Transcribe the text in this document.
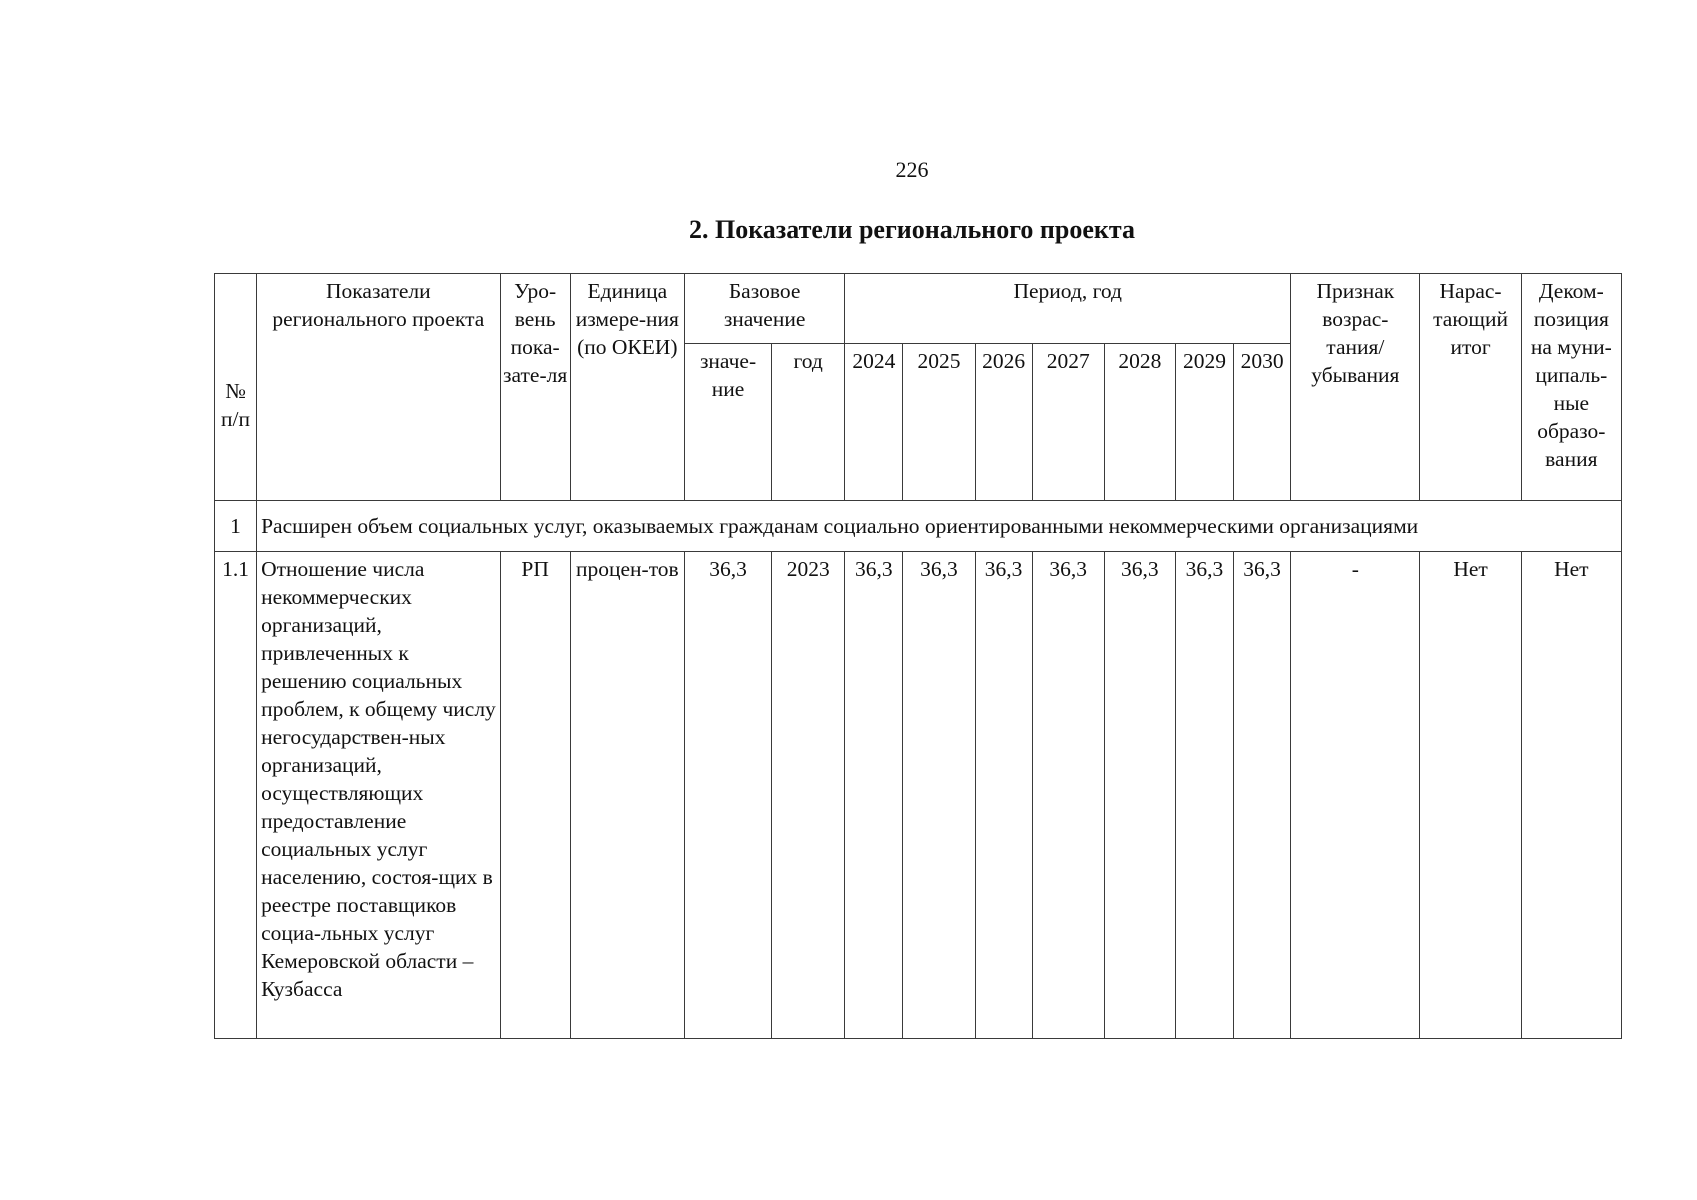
226
2. Показатели регионального проекта
№ п/п	Показатели регионального проекта	Уро-вень пока-зате-ля	Единица измере-ния (по ОКЕИ)	Базовое значение		Период, год							Признак возрас-тания/ убывания	Нарас-тающий итог	Деком-позиция на муни-ципаль-ные образо-вания
				значе-ние	год	2024	2025	2026	2027	2028	2029	2030			

1	Расширен объем социальных услуг, оказываемых гражданам социально ориентированными некоммерческими организациями														
1.1	Отношение числа некоммерческих организаций, привлеченных к решению социальных проблем, к общему числу негосударствен-ных организаций, осуществляющих предоставление социальных услуг населению, состоя-щих в реестре поставщиков социа-льных услуг Кемеровской области – Кузбасса	РП	процен-тов	36,3	2023	36,3	36,3	36,3	36,3	36,3	36,3	36,3	-	Нет	Нет
